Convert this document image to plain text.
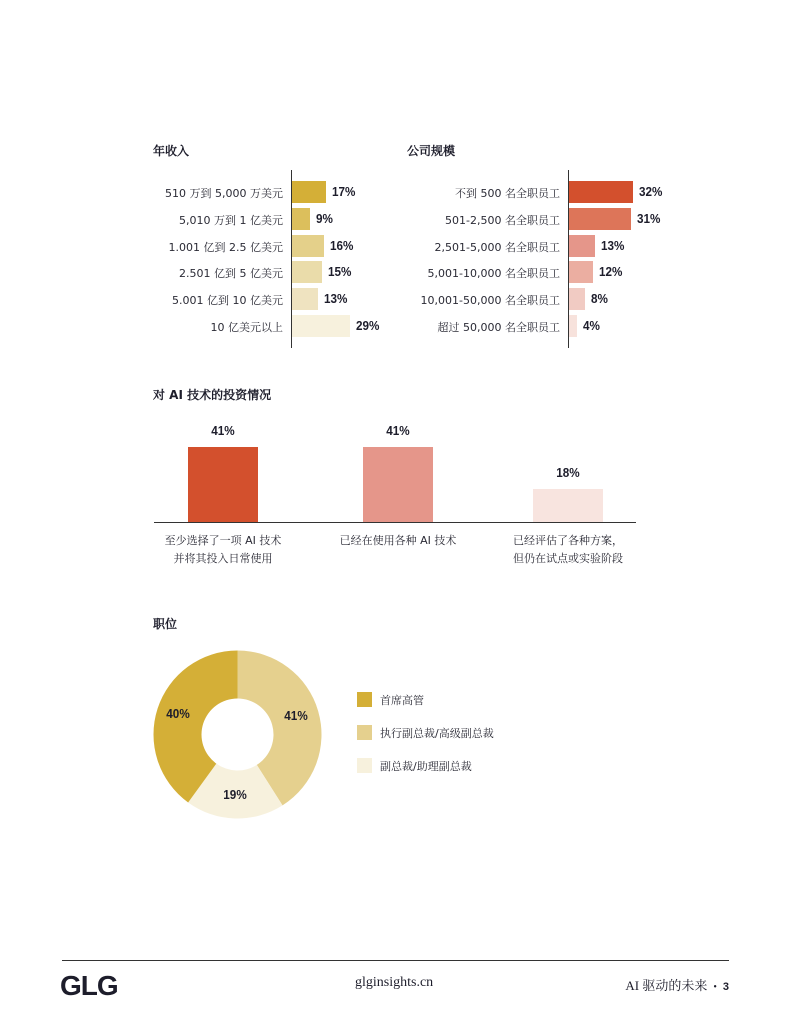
年收入	公司规模
对 AI 技术的投资情况
职位
510 万到 5,000 万美元	17%
5,010 万到 1 亿美元	9%
1.001 亿到 2.5 亿美元	16%
2.501 亿到 5 亿美元	15%
5.001 亿到 10 亿美元	13%
10 亿美元以上	29%
不到 500 名全职员工	32%
501-2,500 名全职员工	31%
2,501-5,000 名全职员工	13%
5,001-10,000 名全职员工	12%
10,001-50,000 名全职员工 8%
超过 50,000 名全职员工 4%
41%
至少选择了一项 AI 技术
并将其投入日常使用
41%
已经在使用各种 AI 技术
18%
已经评估了各种方案，
但仍在试点或实验阶段
41%
19%
40%
首席高管
执行副总裁/高级副总裁
副总裁/助理副总裁
GLG	glginsights.cn	AI 驱动的未来 • 3
